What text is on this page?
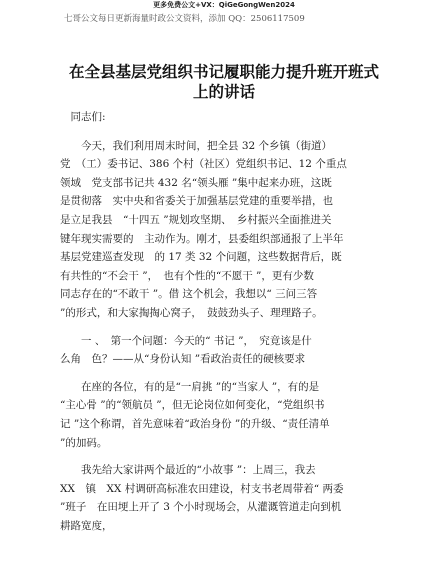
更多免费公文+VX：QiGeGongWen2024
七哥公文每日更新海量时政公文资料，添加 QQ：2506117509
在全县基层党组织书记履职能力提升班开班式
上的讲话

　同志们:

　　今天，我们利用周末时间，把全县 32 个乡镇（街道）
党　（工）委书记、386 个村（社区）党组织书记、12 个重点
领域　党支部书记共 432 名“领头雁 ”集中起来办班，这既
是贯彻落　实中央和省委关于加强基层党建的重要举措，也
是立足我县　“十四五 ”规划攻坚期、　乡村振兴全面推进关
键年现实需要的　主动作为。刚才，县委组织部通报了上半年
基层党建巡查发现　的 17 类 32 个问题，这些数据背后，既
有共性的“不会干 ”，　也有个性的“不愿干 ”，更有少数
同志存在的“不敢干 ”。借 这个机会，我想以“ 三问三答
”的形式，和大家掏掏心窝子，　鼓鼓劲头子、理理路子。

　　一 、　第一个问题：今天的“ 书记 ”，　究竟该是什
么角　色？——从“身份认知 ”看政治责任的硬核要求

　　在座的各位，有的是“一肩挑 ”的“当家人 ”，有的是
“主心骨 ”的“领航员 ”，但无论岗位如何变化，“党组织书
记 ”这个称谓，首先意味着“政治身份 ”的升级、“责任清单
”的加码。

　　我先给大家讲两个最近的“小故事 ”：上周三，我去
XX　镇　XX 村调研高标准农田建设，村支书老周带着“ 两委
”班子　在田埂上开了 3 个小时现场会，从灌溉管道走向到机
耕路宽度，
